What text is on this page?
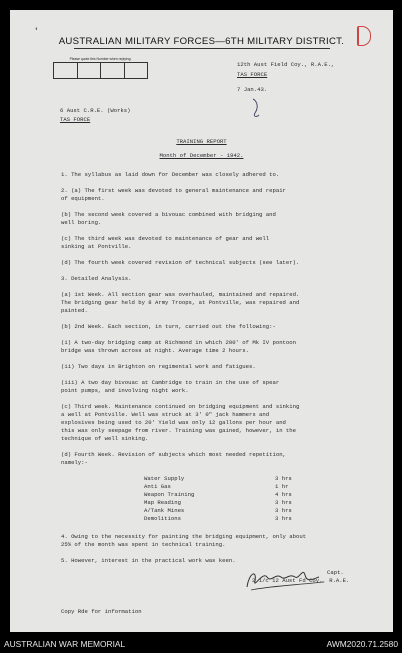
'
AUSTRALIAN MILITARY FORCES—6TH MILITARY DISTRICT.
Please quote this Number when replying.
12th Aust Field Coy., R.A.E.,
TAS FORCE
7 Jan.43.
6 Aust C.R.E. (Works)
TAS FORCE
TRAINING REPORT
Month of December - 1942.
1. The syllabus as laid down for December was closely adhered to.
2. (a) The first week was devoted to general maintenance and repair
of equipment.
(b) The second week covered a bivouac combined with bridging and
well boring.
(c) The third week was devoted to maintenance of gear and well
sinking at Pontville.
(d) The fourth week covered revision of technical subjects (see later).
3. Detailed Analysis.
(a) 1st Week. All section gear was overhauled, maintained and repaired.
The bridging gear held by 8 Army Troops, at Pontville, was repaired and
painted.
(b) 2nd Week. Each section, in turn, carried out the following:-
(i) A two-day bridging camp at Richmond in which 200' of Mk IV pontoon
bridge was thrown across at night. Average time 2 hours.
(ii) Two days in Brighton on regimental work and fatigues.
(iii) A two day bivouac at Cambridge to train in the use of spear
point pumps, and involving night work.
(c) Third week. Maintenance continued on bridging equipment and sinking
a well at Pontville. Well was struck at 3' 0" jack hammers and
explosives being used to 20' Yield was only 12 gallons per hour and
this was only seepage from river. Training was gained, however, in the
technique of well sinking.
(d) Fourth Week. Revision of subjects which most needed repetition,
namely:-
Water Supply	3 hrs
Anti Gas	1 hr
Weapon Training	4 hrs
Map Reading	3 hrs
A/Tank Mines	3 hrs
Demolitions	3 hrs
4. Owing to the necessity for painting the bridging equipment, only about
25% of the month was spent in technical training.
5. However, interest in the practical work was keen.
Capt.
2 1/c 12 Aust Fd Coy., R.A.E.
Copy Rde for information
AUSTRALIAN WAR MEMORIAL	AWM2020.71.2580
